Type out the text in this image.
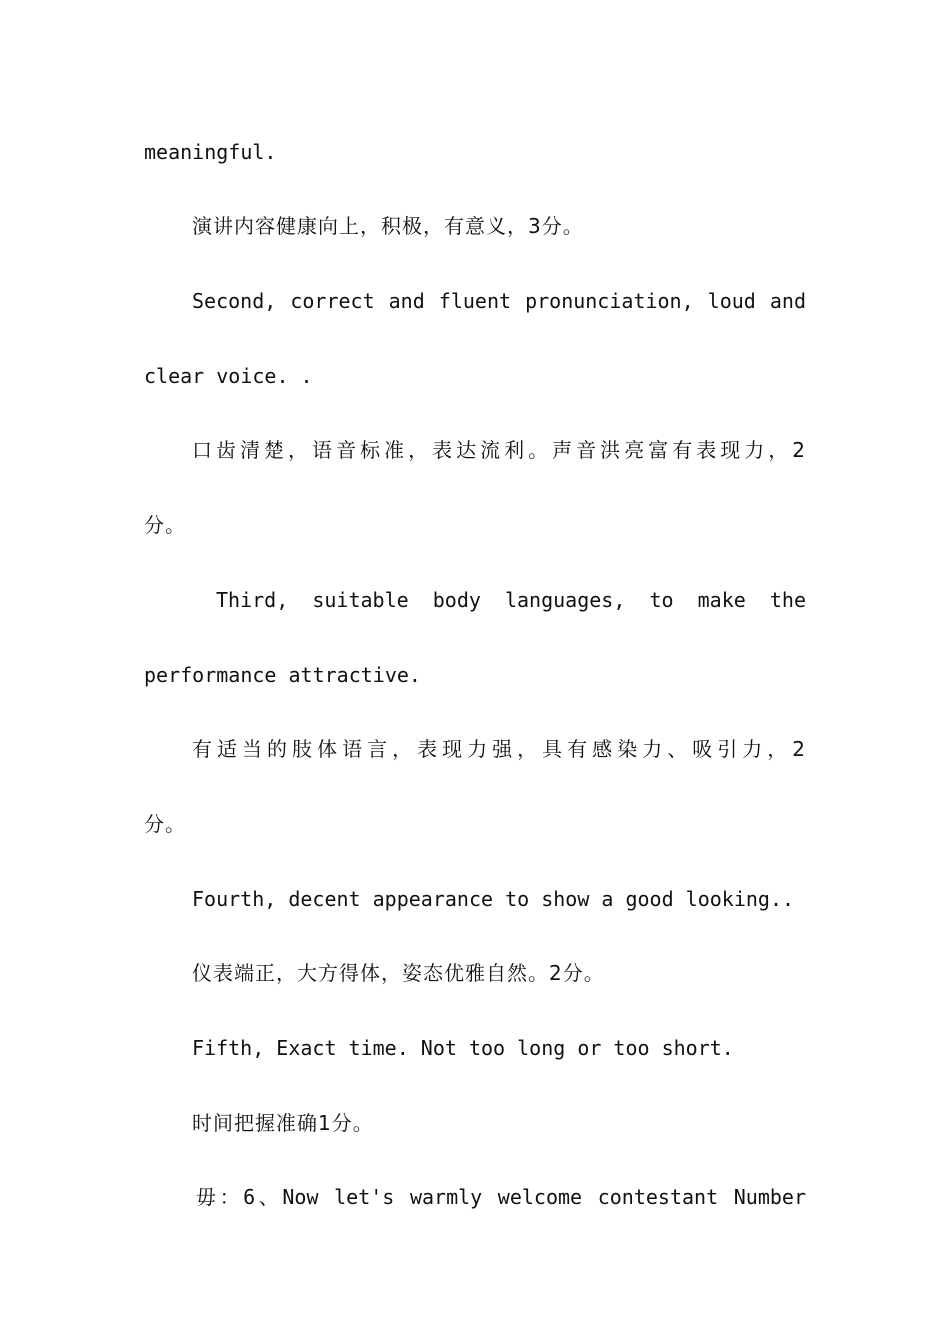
meaningful.
演讲内容健康向上，积极，有意义，3分。
Second, correct and fluent pronunciation, loud and
clear voice. .
口齿清楚，语音标准，表达流利。声音洪亮富有表现力，2
分。
Third, suitable body languages, to make the
performance attractive.
有适当的肢体语言，表现力强，具有感染力、吸引力，2
分。
Fourth, decent appearance to show a good looking..
仪表端正，大方得体，姿态优雅自然。2分。
Fifth, Exact time. Not too long or too short.
时间把握准确1分。
毋：6、Now let's warmly welcome contestant Number
